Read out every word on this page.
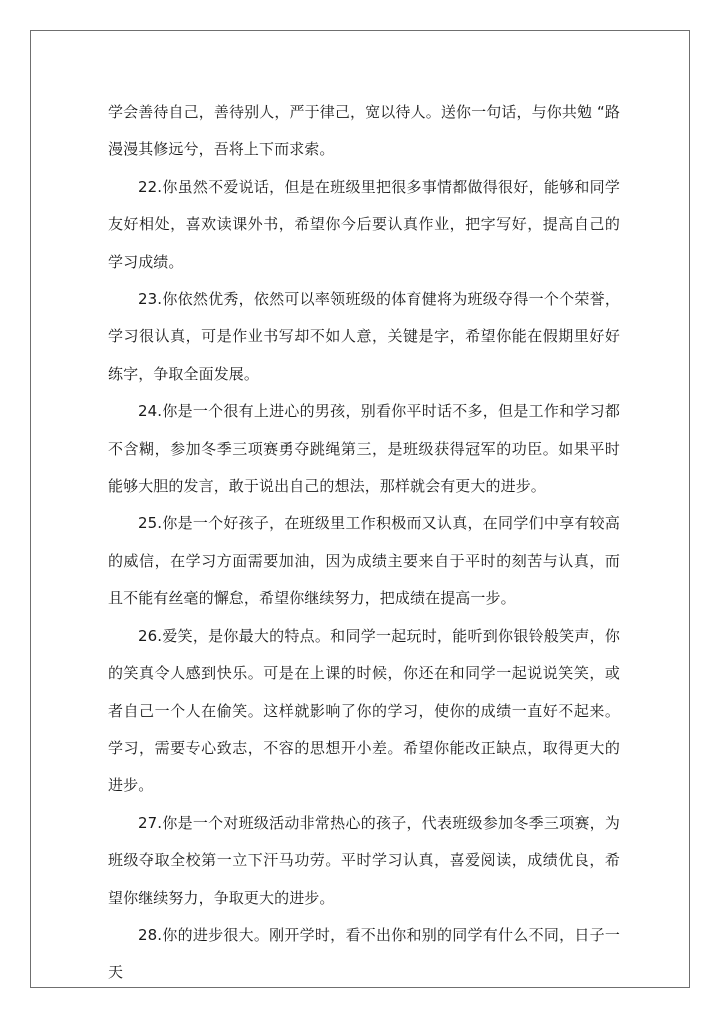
学会善待自己，善待别人，严于律己，宽以待人。送你一句话，与你共勉 “路漫漫其修远兮，吾将上下而求索。

22.你虽然不爱说话，但是在班级里把很多事情都做得很好，能够和同学友好相处，喜欢读课外书，希望你今后要认真作业，把字写好，提高自己的学习成绩。

23.你依然优秀，依然可以率领班级的体育健将为班级夺得一个个荣誉，学习很认真，可是作业书写却不如人意，关键是字，希望你能在假期里好好练字，争取全面发展。

24.你是一个很有上进心的男孩，别看你平时话不多，但是工作和学习都不含糊，参加冬季三项赛勇夺跳绳第三，是班级获得冠军的功臣。如果平时能够大胆的发言，敢于说出自己的想法，那样就会有更大的进步。

25.你是一个好孩子，在班级里工作积极而又认真，在同学们中享有较高的威信，在学习方面需要加油，因为成绩主要来自于平时的刻苦与认真，而且不能有丝毫的懈怠，希望你继续努力，把成绩在提高一步。

26.爱笑，是你最大的特点。和同学一起玩时，能听到你银铃般笑声，你的笑真令人感到快乐。可是在上课的时候，你还在和同学一起说说笑笑，或者自己一个人在偷笑。这样就影响了你的学习，使你的成绩一直好不起来。学习，需要专心致志，不容的思想开小差。希望你能改正缺点，取得更大的进步。

27.你是一个对班级活动非常热心的孩子，代表班级参加冬季三项赛，为班级夺取全校第一立下汗马功劳。平时学习认真，喜爱阅读，成绩优良，希望你继续努力，争取更大的进步。

28.你的进步很大。刚开学时，看不出你和别的同学有什么不同，日子一天
